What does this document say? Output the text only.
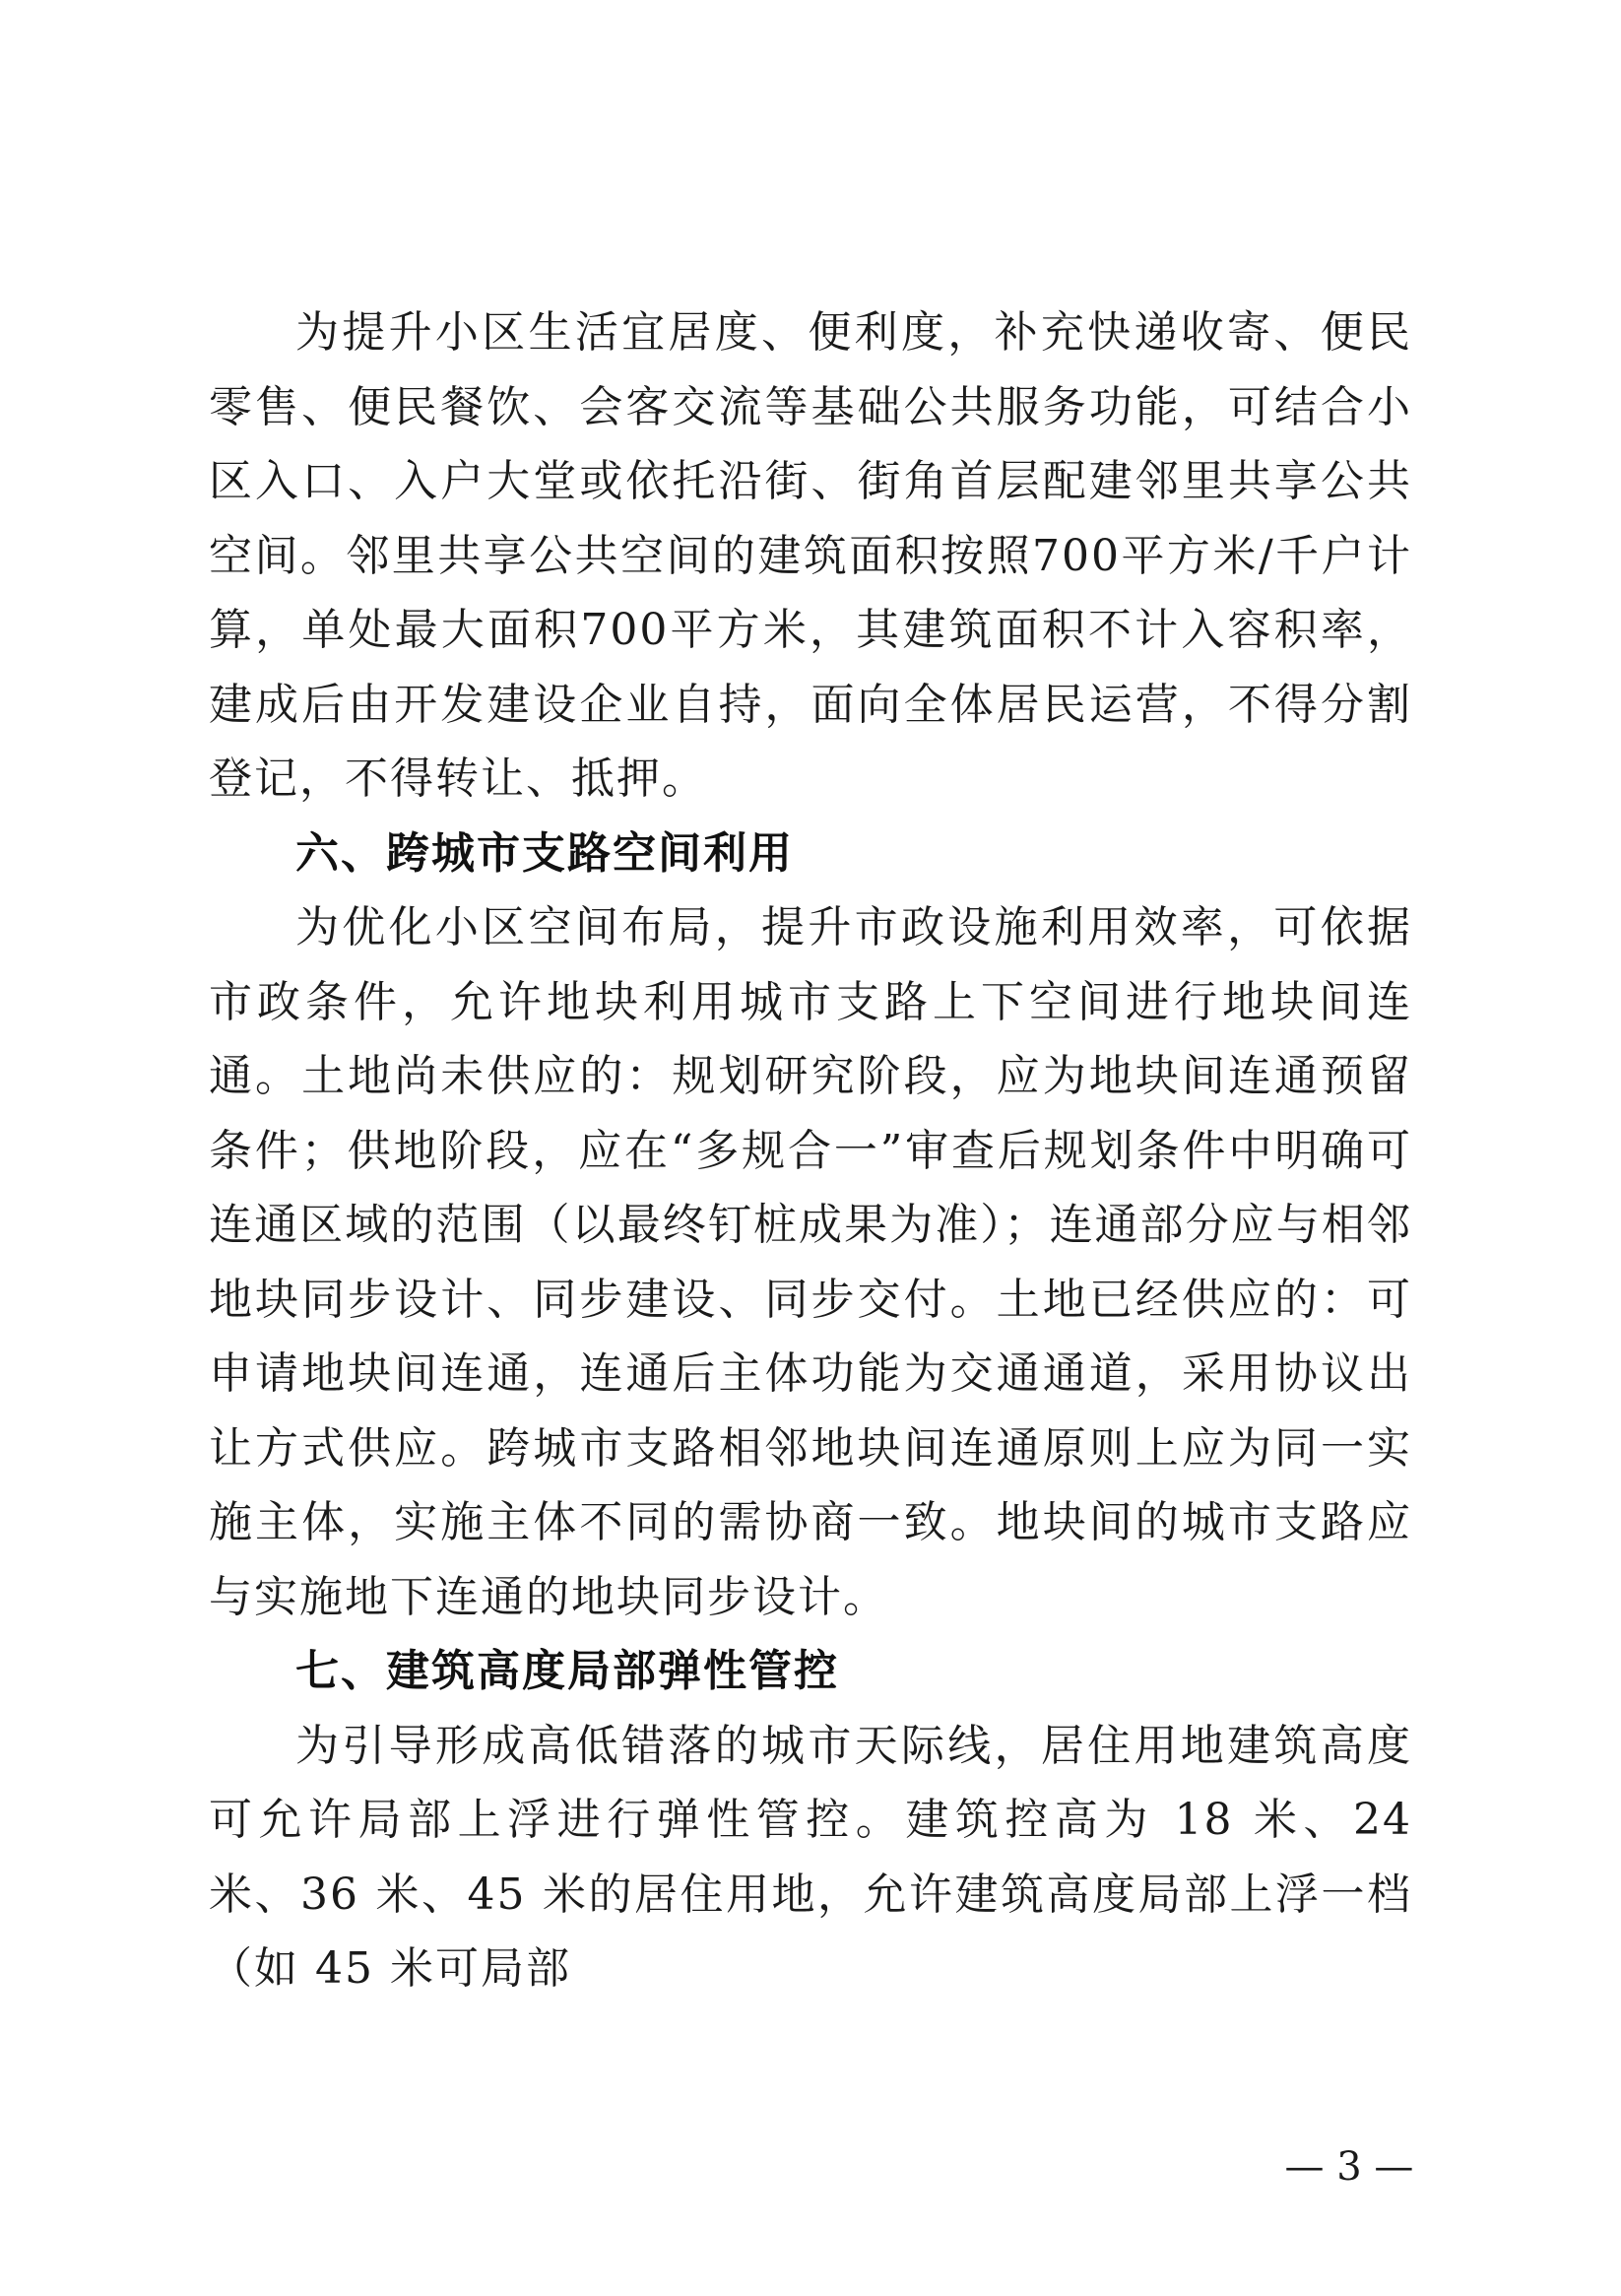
为提升小区生活宜居度、便利度，补充快递收寄、便民零售、便民餐饮、会客交流等基础公共服务功能，可结合小区入口、入户大堂或依托沿街、街角首层配建邻里共享公共空间。邻里共享公共空间的建筑面积按照700平方米/千户计算，单处最大面积700平方米，其建筑面积不计入容积率，建成后由开发建设企业自持，面向全体居民运营，不得分割登记，不得转让、抵押。

六、跨城市支路空间利用

为优化小区空间布局，提升市政设施利用效率，可依据市政条件，允许地块利用城市支路上下空间进行地块间连通。土地尚未供应的：规划研究阶段，应为地块间连通预留条件；供地阶段，应在“多规合一”审查后规划条件中明确可连通区域的范围（以最终钉桩成果为准）；连通部分应与相邻地块同步设计、同步建设、同步交付。土地已经供应的：可申请地块间连通，连通后主体功能为交通通道，采用协议出让方式供应。跨城市支路相邻地块间连通原则上应为同一实施主体，实施主体不同的需协商一致。地块间的城市支路应与实施地下连通的地块同步设计。

七、建筑高度局部弹性管控

为引导形成高低错落的城市天际线，居住用地建筑高度可允许局部上浮进行弹性管控。建筑控高为 18 米、24 米、36 米、45 米的居住用地，允许建筑高度局部上浮一档（如 45 米可局部

— 3 —
